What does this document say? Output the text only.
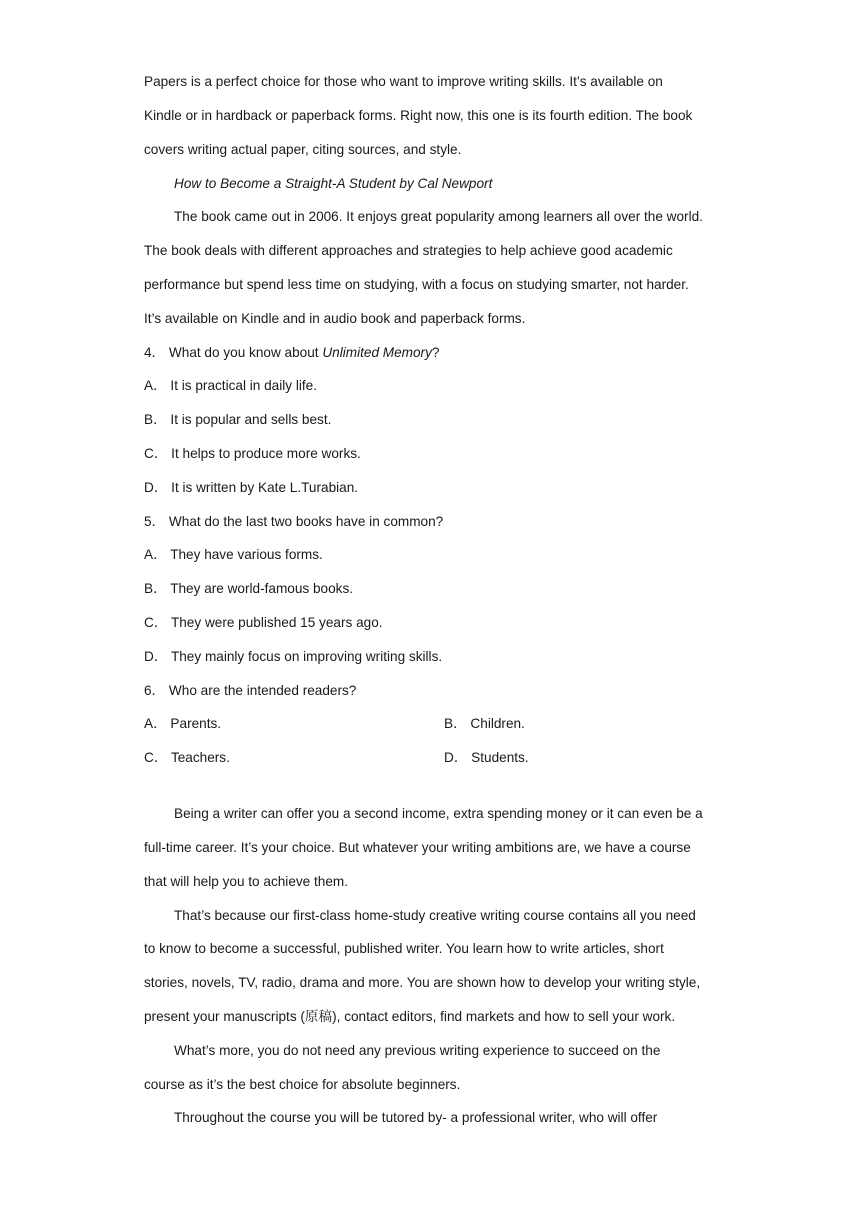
Papers is a perfect choice for those who want to improve writing skills. It’s available on
Kindle or in hardback or paperback forms. Right now, this one is its fourth edition. The book
covers writing actual paper, citing sources, and style.
How to Become a Straight-A Student by Cal Newport
The book came out in 2006. It enjoys great popularity among learners all over the world.
The book deals with different approaches and strategies to help achieve good academic
performance but spend less time on studying, with a focus on studying smarter, not harder.
It’s available on Kindle and in audio book and paperback forms.
4． What do you know about Unlimited Memory?
A． It is practical in daily life.
B． It is popular and sells best.
C． It helps to produce more works.
D． It is written by Kate L.Turabian.
5． What do the last two books have in common?
A． They have various forms.
B． They are world-famous books.
C． They were published 15 years ago.
D． They mainly focus on improving writing skills.
6． Who are the intended readers?
A． Parents.	B． Children.
C． Teachers.	D． Students.
Being a writer can offer you a second income, extra spending money or it can even be a
full-time career. It’s your choice. But whatever your writing ambitions are, we have a course
that will help you to achieve them.
That’s because our first-class home-study creative writing course contains all you need
to know to become a successful, published writer. You learn how to write articles, short
stories, novels, TV, radio, drama and more. You are shown how to develop your writing style,
present your manuscripts (原稿), contact editors, find markets and how to sell your work.
What’s more, you do not need any previous writing experience to succeed on the
course as it’s the best choice for absolute beginners.
Throughout the course you will be tutored by- a professional writer, who will offer
